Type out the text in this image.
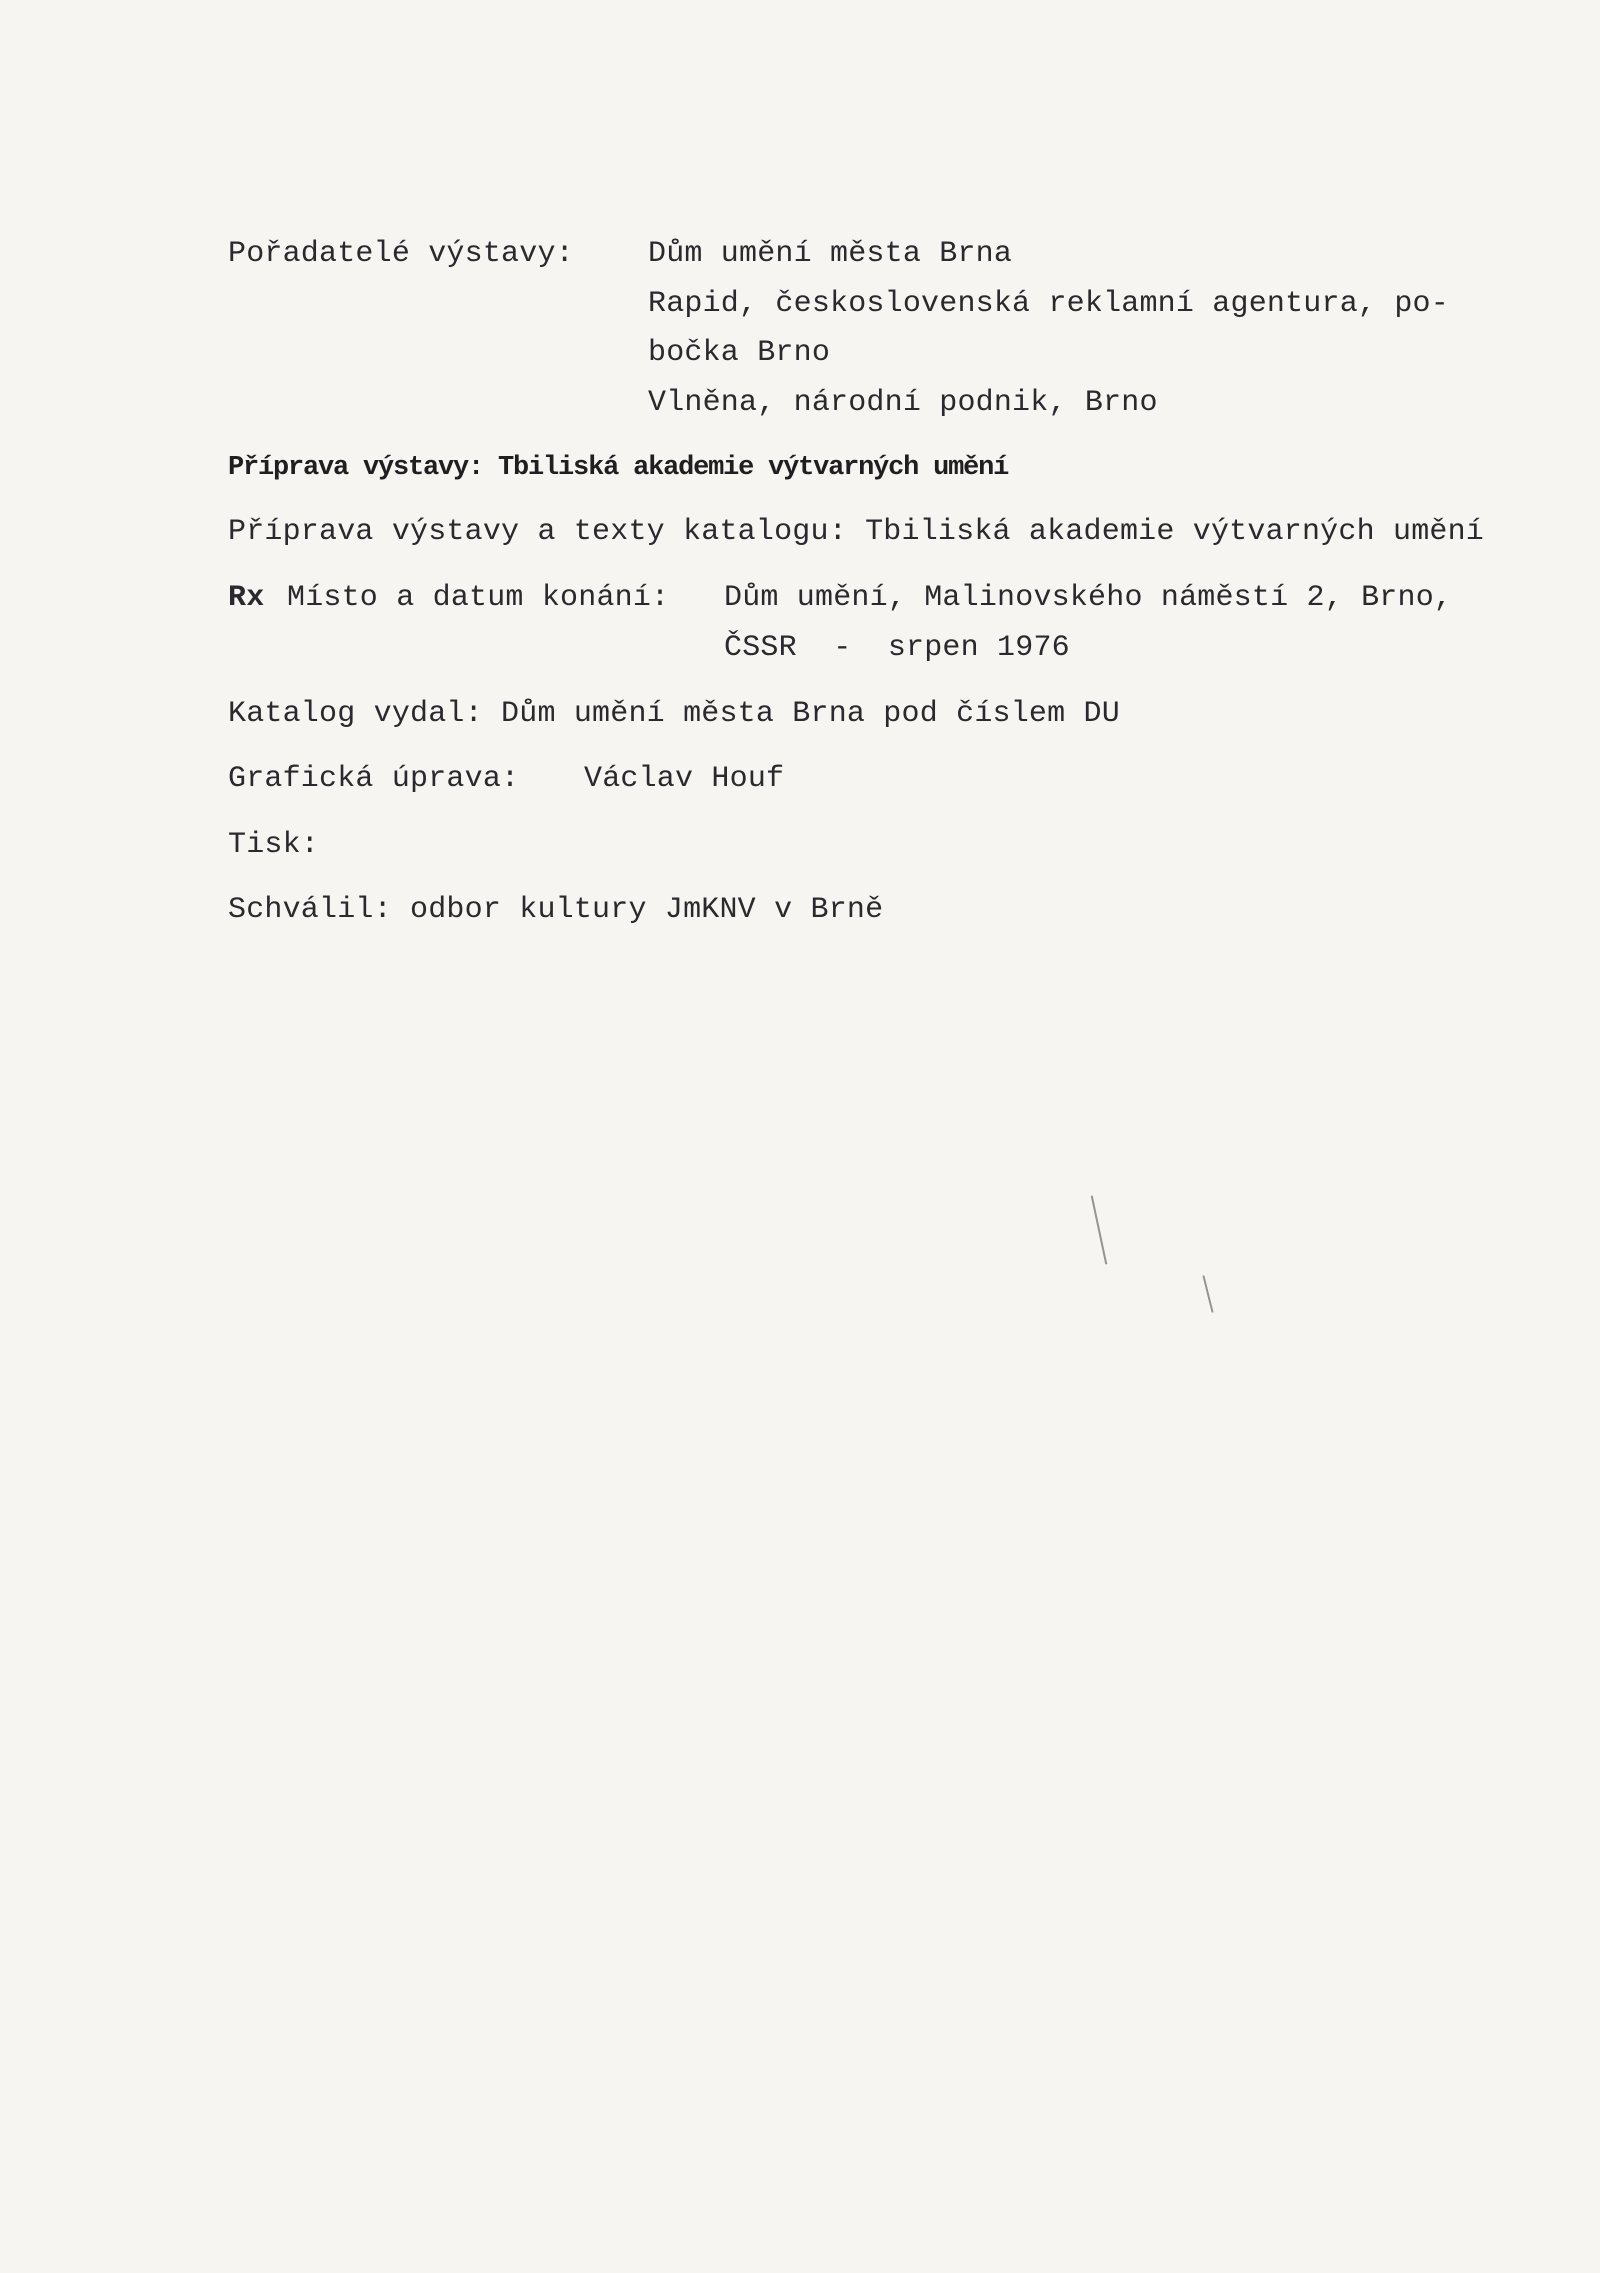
Pořadatelé výstavy: Dům umění města Brna
Rapid, československá reklamní agentura, po-
bočka Brno
Vlněna, národní podnik, Brno
Příprava výstavy: Tbiliská akademie výtvarných umění
Příprava výstavy a texty katalogu: Tbiliská akademie výtvarných umění
Rx Místo a datum konání: Dům umění, Malinovského náměstí 2, Brno,
ČSSR  -  srpen 1976
Katalog vydal: Dům umění města Brna pod číslem DU
Grafická úprava: Václav Houf
Tisk:
Schválil: odbor kultury JmKNV v Brně
